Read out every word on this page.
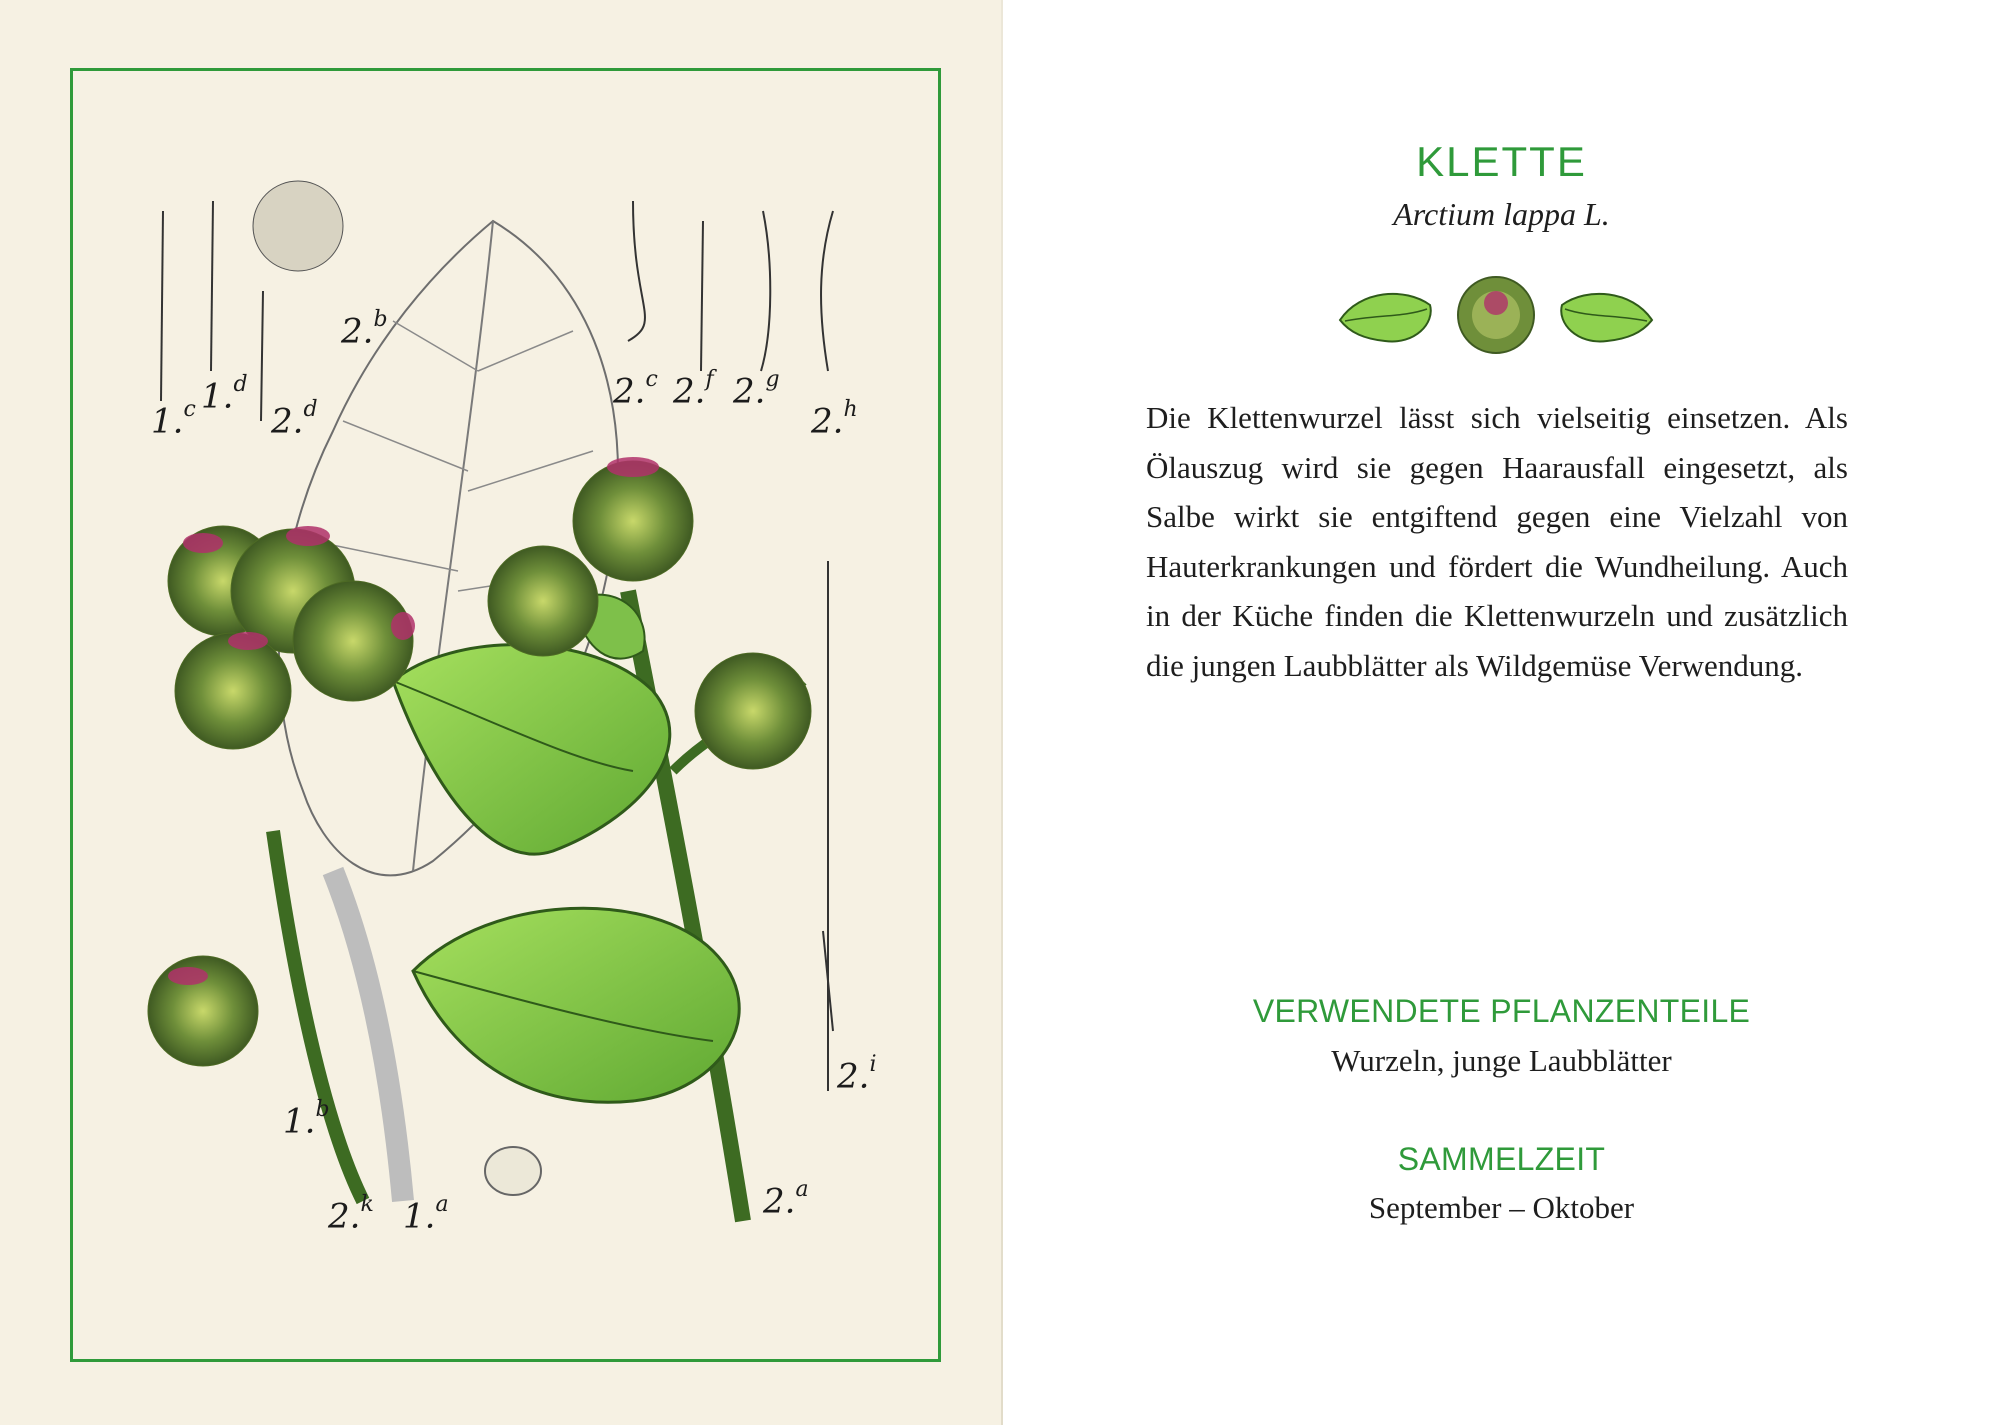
1.$^c$ 1.$^d$
2.$^d$
2.$^b$
2.$^c$ 2.$^f$ 2.$^g$
2.$^h$
2.$^i$
1.$^b$
2.$^k$ 1.$^a$	2.$^a$
KLETTE
Arctium lappa L.

Die Klettenwurzel lässt sich vielseitig einsetzen. Als Ölauszug wird sie gegen Haarausfall eingesetzt, als Salbe wirkt sie entgiftend gegen eine Vielzahl von Hauterkrankungen und fördert die Wundheilung. Auch in der Küche finden die Klettenwurzeln und zusätzlich die jungen Laubblätter als Wildgemüse Verwendung.

VERWENDETE PFLANZENTEILE
Wurzeln, junge Laubblätter
SAMMELZEIT
September – Oktober
